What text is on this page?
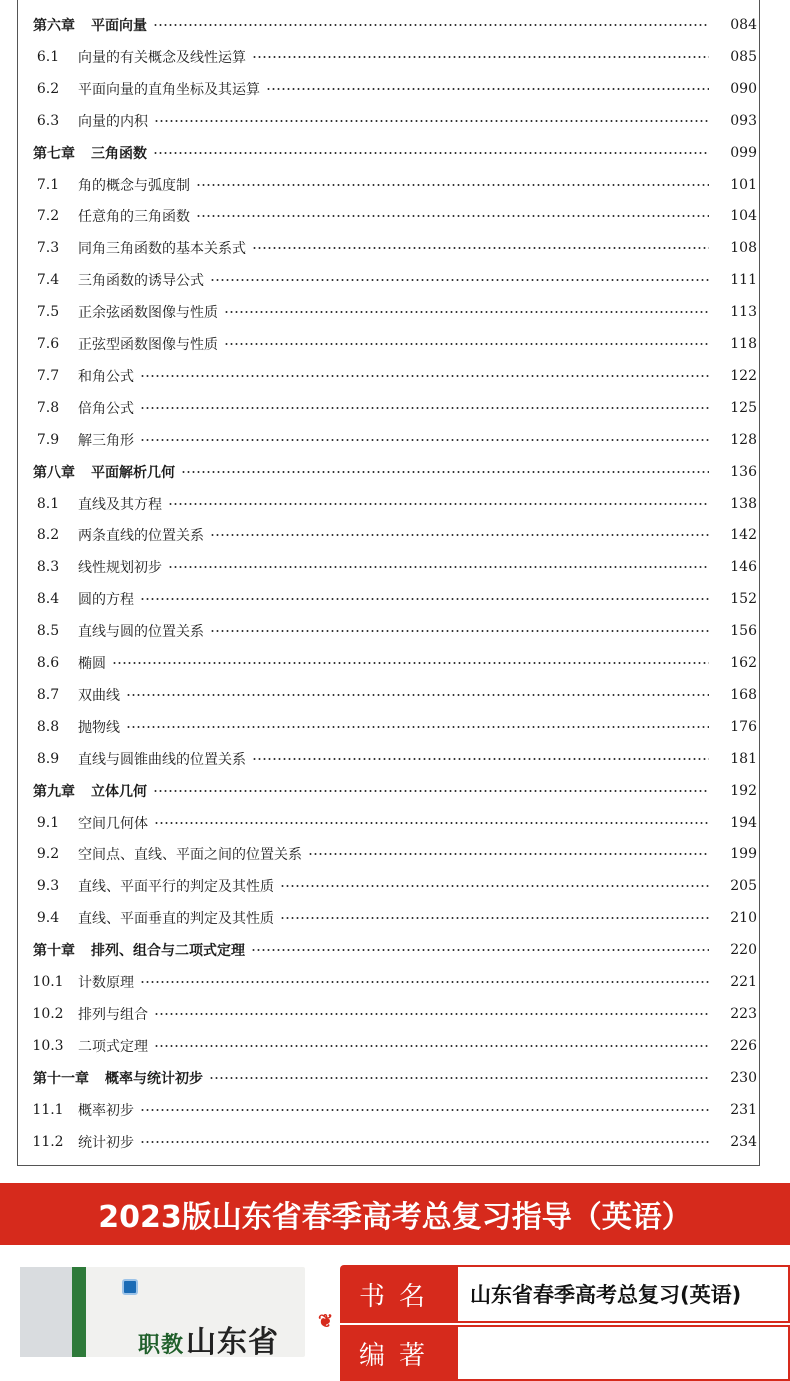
第六章	平面向量	084
6.1	向量的有关概念及线性运算	085
6.2	平面向量的直角坐标及其运算	090
6.3	向量的内积	093
第七章	三角函数	099
7.1	角的概念与弧度制	101
7.2	任意角的三角函数	104
7.3	同角三角函数的基本关系式	108
7.4	三角函数的诱导公式	111
7.5	正余弦函数图像与性质	113
7.6	正弦型函数图像与性质	118
7.7	和角公式	122
7.8	倍角公式	125
7.9	解三角形	128
第八章	平面解析几何	136
8.1	直线及其方程	138
8.2	两条直线的位置关系	142
8.3	线性规划初步	146
8.4	圆的方程	152
8.5	直线与圆的位置关系	156
8.6	椭圆	162
8.7	双曲线	168
8.8	抛物线	176
8.9	直线与圆锥曲线的位置关系	181
第九章	立体几何	192
9.1	空间几何体	194
9.2	空间点、直线、平面之间的位置关系	199
9.3	直线、平面平行的判定及其性质	205
9.4	直线、平面垂直的判定及其性质	210
第十章	排列、组合与二项式定理	220
10.1	计数原理	221
10.2	排列与组合	223
10.3	二项式定理	226
第十一章	概率与统计初步	230
11.1	概率初步	231
11.2	统计初步	234
2023版山东省春季高考总复习指导（英语）
职教山东省
❦
书名	山东省春季高考总复习(英语)
编著
